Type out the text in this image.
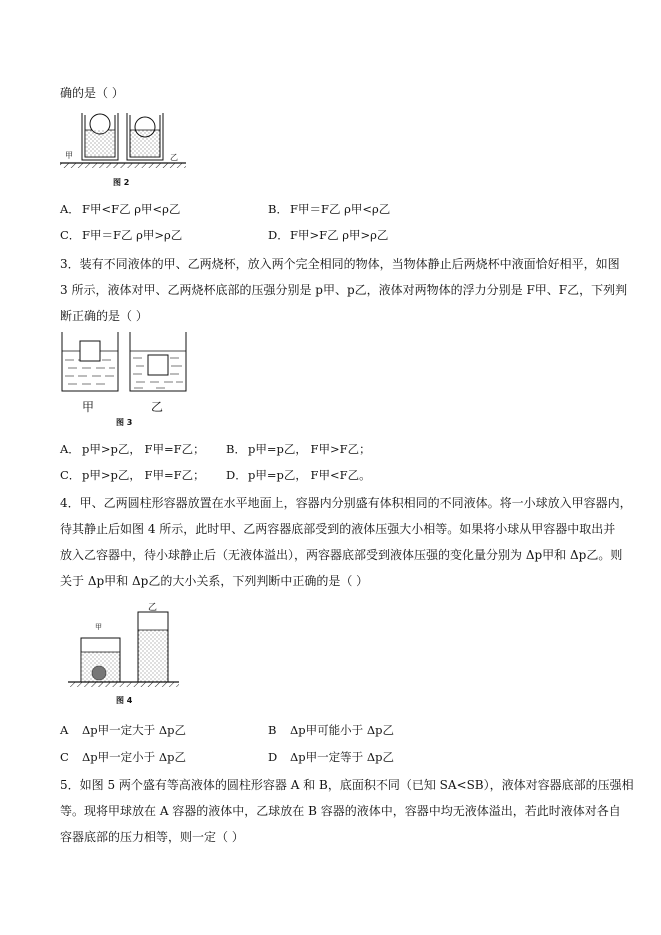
确的是（ ）
甲	乙
图 2
A． F甲<F乙 ρ甲<ρ乙	B． F甲＝F乙 ρ甲<ρ乙
C． F甲＝F乙 ρ甲>ρ乙	D．F甲>F乙 ρ甲>ρ乙
3．装有不同液体的甲、乙两烧杯，放入两个完全相同的物体，当物体静止后两烧杯中液面恰好相平，如图
3 所示，液体对甲、乙两烧杯底部的压强分别是 p甲、p乙，液体对两物体的浮力分别是 F甲、F乙，下列判
断正确的是（ ）
甲	乙
图 3
A． p甲>p乙， F甲=F乙； B． p甲=p乙， F甲>F乙；
C． p甲>p乙， F甲=F乙； D．p甲=p乙， F甲<F乙。
4．甲、乙两圆柱形容器放置在水平地面上，容器内分别盛有体积相同的不同液体。将一小球放入甲容器内，
待其静止后如图 4 所示，此时甲、乙两容器底部受到的液体压强大小相等。如果将小球从甲容器中取出并
放入乙容器中，待小球静止后（无液体溢出），两容器底部受到液体压强的变化量分别为 Δp甲和 Δp乙。则
关于 Δp甲和 Δp乙的大小关系，下列判断中正确的是（ ）
甲
乙
图 4
A Δp甲一定大于 Δp乙	B Δp甲可能小于 Δp乙
C Δp甲一定小于 Δp乙	D Δp甲一定等于 Δp乙
5．如图 5 两个盛有等高液体的圆柱形容器 A 和 B，底面积不同（已知 SA<SB），液体对容器底部的压强相
等。现将甲球放在 A 容器的液体中，乙球放在 B 容器的液体中，容器中均无液体溢出，若此时液体对各自
容器底部的压力相等，则一定（ ）
